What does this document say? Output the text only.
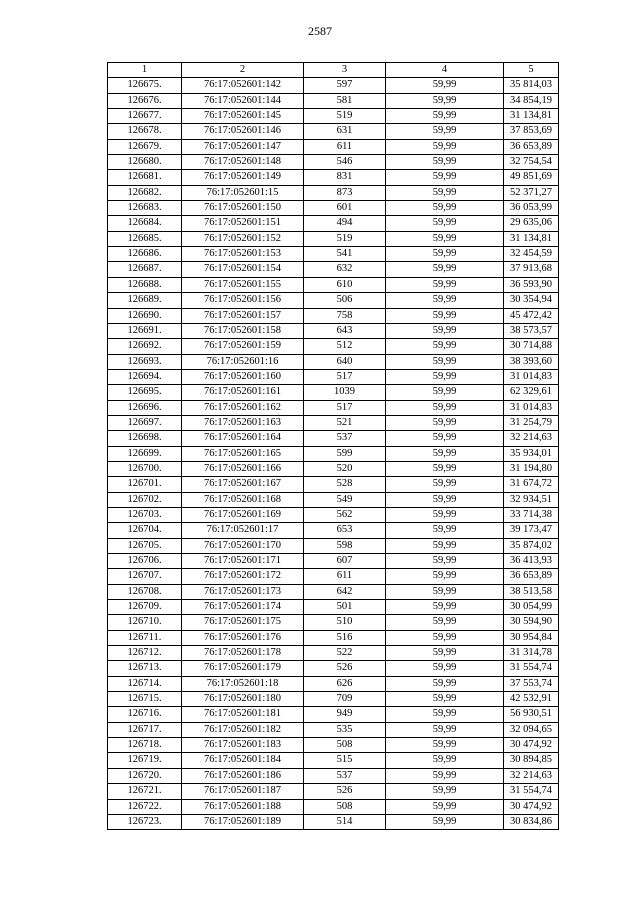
2587
1	2	3	4	5
126675.	76:17:052601:142	597	59,99	35 814,03
126676.	76:17:052601:144	581	59,99	34 854,19
126677.	76:17:052601:145	519	59,99	31 134,81
126678.	76:17:052601:146	631	59,99	37 853,69
126679.	76:17:052601:147	611	59,99	36 653,89
126680.	76:17:052601:148	546	59,99	32 754,54
126681.	76:17:052601:149	831	59,99	49 851,69
126682.	76:17:052601:15	873	59,99	52 371,27
126683.	76:17:052601:150	601	59,99	36 053,99
126684.	76:17:052601:151	494	59,99	29 635,06
126685.	76:17:052601:152	519	59,99	31 134,81
126686.	76:17:052601:153	541	59,99	32 454,59
126687.	76:17:052601:154	632	59,99	37 913,68
126688.	76:17:052601:155	610	59,99	36 593,90
126689.	76:17:052601:156	506	59,99	30 354,94
126690.	76:17:052601:157	758	59,99	45 472,42
126691.	76:17:052601:158	643	59,99	38 573,57
126692.	76:17:052601:159	512	59,99	30 714,88
126693.	76:17:052601:16	640	59,99	38 393,60
126694.	76:17:052601:160	517	59,99	31 014,83
126695.	76:17:052601:161	1039	59,99	62 329,61
126696.	76:17:052601:162	517	59,99	31 014,83
126697.	76:17:052601:163	521	59,99	31 254,79
126698.	76:17:052601:164	537	59,99	32 214,63
126699.	76:17:052601:165	599	59,99	35 934,01
126700.	76:17:052601:166	520	59,99	31 194,80
126701.	76:17:052601:167	528	59,99	31 674,72
126702.	76:17:052601:168	549	59,99	32 934,51
126703.	76:17:052601:169	562	59,99	33 714,38
126704.	76:17:052601:17	653	59,99	39 173,47
126705.	76:17:052601:170	598	59,99	35 874,02
126706.	76:17:052601:171	607	59,99	36 413,93
126707.	76:17:052601:172	611	59,99	36 653,89
126708.	76:17:052601:173	642	59,99	38 513,58
126709.	76:17:052601:174	501	59,99	30 054,99
126710.	76:17:052601:175	510	59,99	30 594,90
126711.	76:17:052601:176	516	59,99	30 954,84
126712.	76:17:052601:178	522	59,99	31 314,78
126713.	76:17:052601:179	526	59,99	31 554,74
126714.	76:17:052601:18	626	59,99	37 553,74
126715.	76:17:052601:180	709	59,99	42 532,91
126716.	76:17:052601:181	949	59,99	56 930,51
126717.	76:17:052601:182	535	59,99	32 094,65
126718.	76:17:052601:183	508	59,99	30 474,92
126719.	76:17:052601:184	515	59,99	30 894,85
126720.	76:17:052601:186	537	59,99	32 214,63
126721.	76:17:052601:187	526	59,99	31 554,74
126722.	76:17:052601:188	508	59,99	30 474,92
126723.	76:17:052601:189	514	59,99	30 834,86
